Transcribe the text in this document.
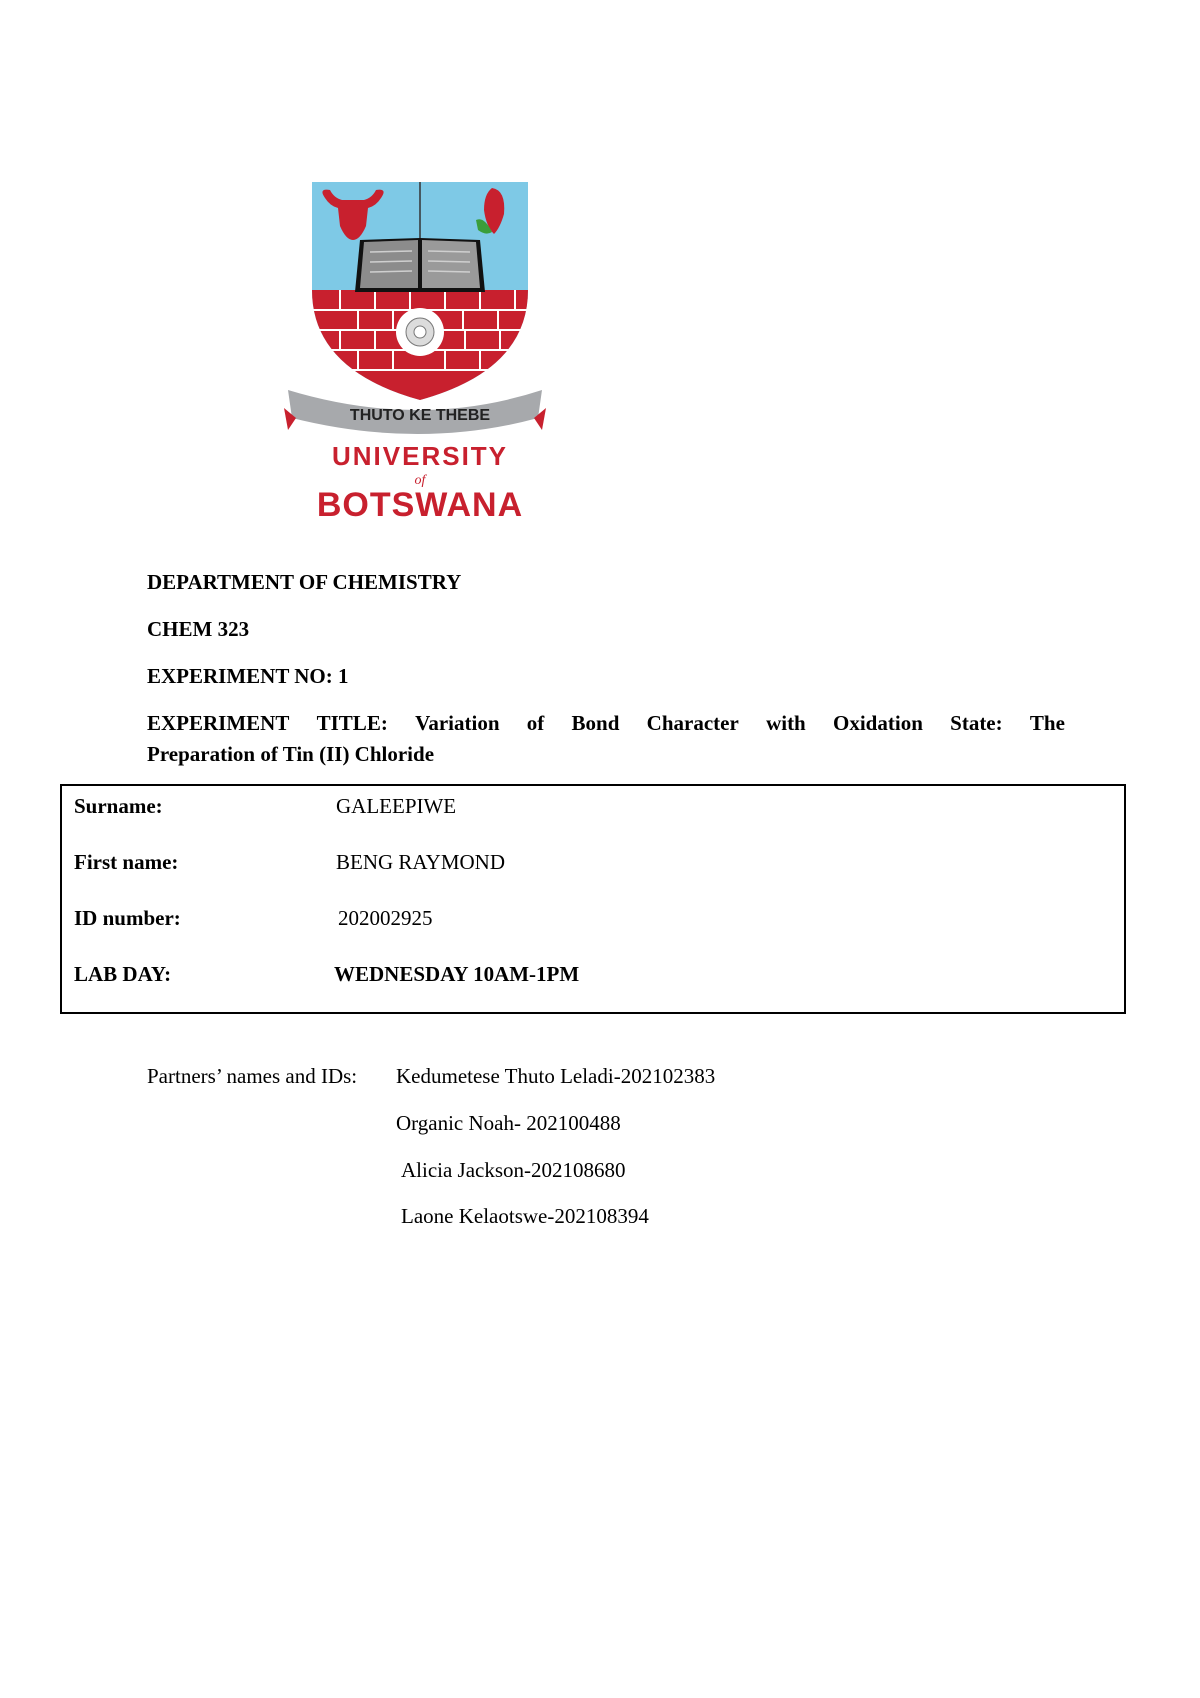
THUTO KE THEBE
UNIVERSITY
of
BOTSWANA

DEPARTMENT OF CHEMISTRY

CHEM 323

EXPERIMENT NO: 1

EXPERIMENT TITLE: Variation of Bond Character with Oxidation State: The
Preparation of Tin (II) Chloride
Surname:	GALEEPIWE
First name:	BENG RAYMOND
ID number:	202002925
LAB DAY:	WEDNESDAY 10AM-1PM
Partners’ names and IDs: Kedumetese Thuto Leladi-202102383
Organic Noah- 202100488
Alicia Jackson-202108680
Laone Kelaotswe-202108394
